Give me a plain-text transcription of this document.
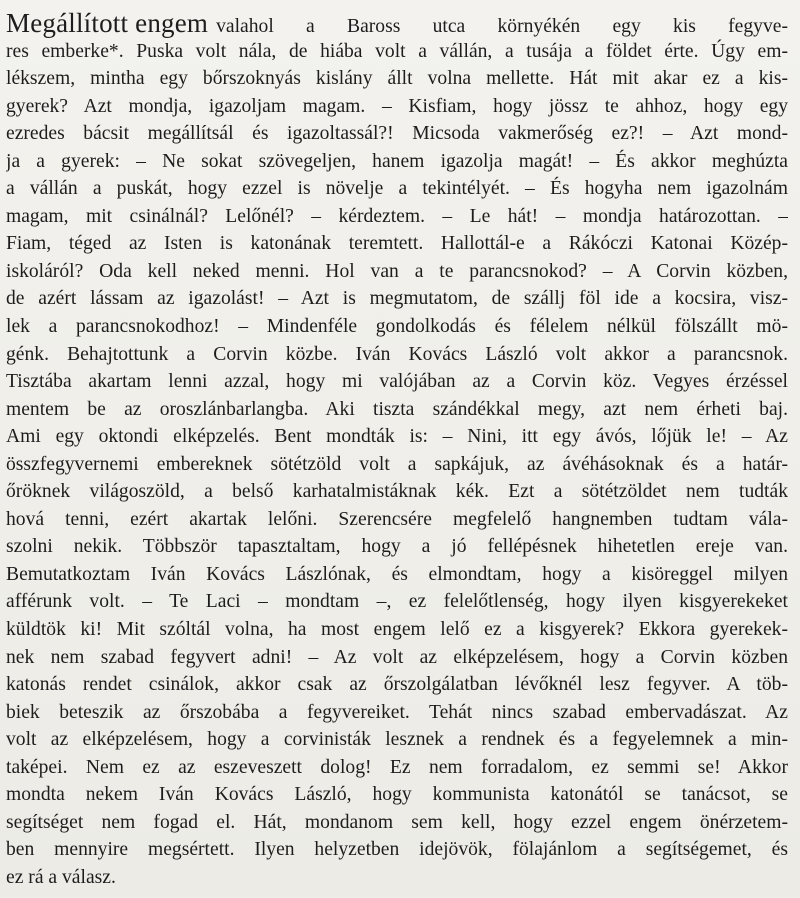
Megállított engem valahol a Baross utca környékén egy kis fegyve-
res emberke*. Puska volt nála, de hiába volt a vállán, a tusája a földet érte. Úgy em-
lékszem, mintha egy bőrszoknyás kislány állt volna mellette. Hát mit akar ez a kis-
gyerek? Azt mondja, igazoljam magam. – Kisfiam, hogy jössz te ahhoz, hogy egy
ezredes bácsit megállítsál és igazoltassál?! Micsoda vakmerőség ez?! – Azt mond-
ja a gyerek: – Ne sokat szövegeljen, hanem igazolja magát! – És akkor meghúzta
a vállán a puskát, hogy ezzel is növelje a tekintélyét. – És hogyha nem igazolnám
magam, mit csinálnál? Lelőnél? – kérdeztem. – Le hát! – mondja határozottan. –
Fiam, téged az Isten is katonának teremtett. Hallottál-e a Rákóczi Katonai Közép-
iskoláról? Oda kell neked menni. Hol van a te parancsnokod? – A Corvin közben,
de azért lássam az igazolást! – Azt is megmutatom, de szállj föl ide a kocsira, visz-
lek a parancsnokodhoz! – Mindenféle gondolkodás és félelem nélkül fölszállt mö-
génk. Behajtottunk a Corvin közbe. Iván Kovács László volt akkor a parancsnok.
Tisztába akartam lenni azzal, hogy mi valójában az a Corvin köz. Vegyes érzéssel
mentem be az oroszlánbarlangba. Aki tiszta szándékkal megy, azt nem érheti baj.
Ami egy oktondi elképzelés. Bent mondták is: – Nini, itt egy ávós, lőjük le! – Az
összfegyvernemi embereknek sötétzöld volt a sapkájuk, az ávéhásoknak és a határ-
őröknek világoszöld, a belső karhatalmistáknak kék. Ezt a sötétzöldet nem tudták
hová tenni, ezért akartak lelőni. Szerencsére megfelelő hangnemben tudtam vála-
szolni nekik. Többször tapasztaltam, hogy a jó fellépésnek hihetetlen ereje van.
Bemutatkoztam Iván Kovács Lászlónak, és elmondtam, hogy a kisöreggel milyen
afférunk volt. – Te Laci – mondtam –, ez felelőtlenség, hogy ilyen kisgyerekeket
küldtök ki! Mit szóltál volna, ha most engem lelő ez a kisgyerek? Ekkora gyerekek-
nek nem szabad fegyvert adni! – Az volt az elképzelésem, hogy a Corvin közben
katonás rendet csinálok, akkor csak az őrszolgálatban lévőknél lesz fegyver. A töb-
biek beteszik az őrszobába a fegyvereiket. Tehát nincs szabad embervadászat. Az
volt az elképzelésem, hogy a corvinisták lesznek a rendnek és a fegyelemnek a min-
taképei. Nem ez az eszeveszett dolog! Ez nem forradalom, ez semmi se! Akkor
mondta nekem Iván Kovács László, hogy kommunista katonától se tanácsot, se
segítséget nem fogad el. Hát, mondanom sem kell, hogy ezzel engem önérzetem-
ben mennyire megsértett. Ilyen helyzetben idejövök, fölajánlom a segítségemet, és
ez rá a válasz.
